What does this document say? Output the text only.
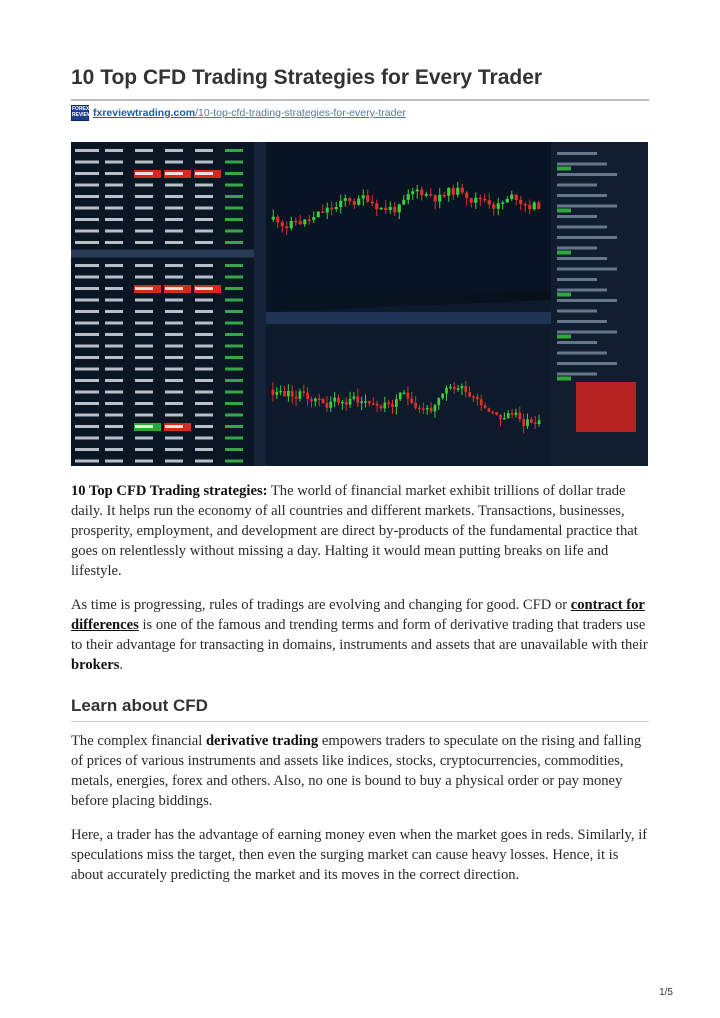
10 Top CFD Trading Strategies for Every Trader
FOREX REVIEW fxreviewtrading.com /10-top-cfd-trading-strategies-for-every-trader
10 Top CFD Trading strategies: The world of financial market exhibit trillions of dollar trade daily. It helps run the economy of all countries and different markets. Transactions, businesses, prosperity, employment, and development are direct by-products of the fundamental practice that goes on relentlessly without missing a day. Halting it would mean putting breaks on life and lifestyle.
As time is progressing, rules of tradings are evolving and changing for good. CFD or contract for differences is one of the famous and trending terms and form of derivative trading that traders use to their advantage for transacting in domains, instruments and assets that are unavailable with their brokers.
Learn about CFD
The complex financial derivative trading empowers traders to speculate on the rising and falling of prices of various instruments and assets like indices, stocks, cryptocurrencies, commodities, metals, energies, forex and others. Also, no one is bound to buy a physical order or pay money before placing biddings.
Here, a trader has the advantage of earning money even when the market goes in reds. Similarly, if speculations miss the target, then even the surging market can cause heavy losses. Hence, it is about accurately predicting the market and its moves in the correct direction.
1/5
